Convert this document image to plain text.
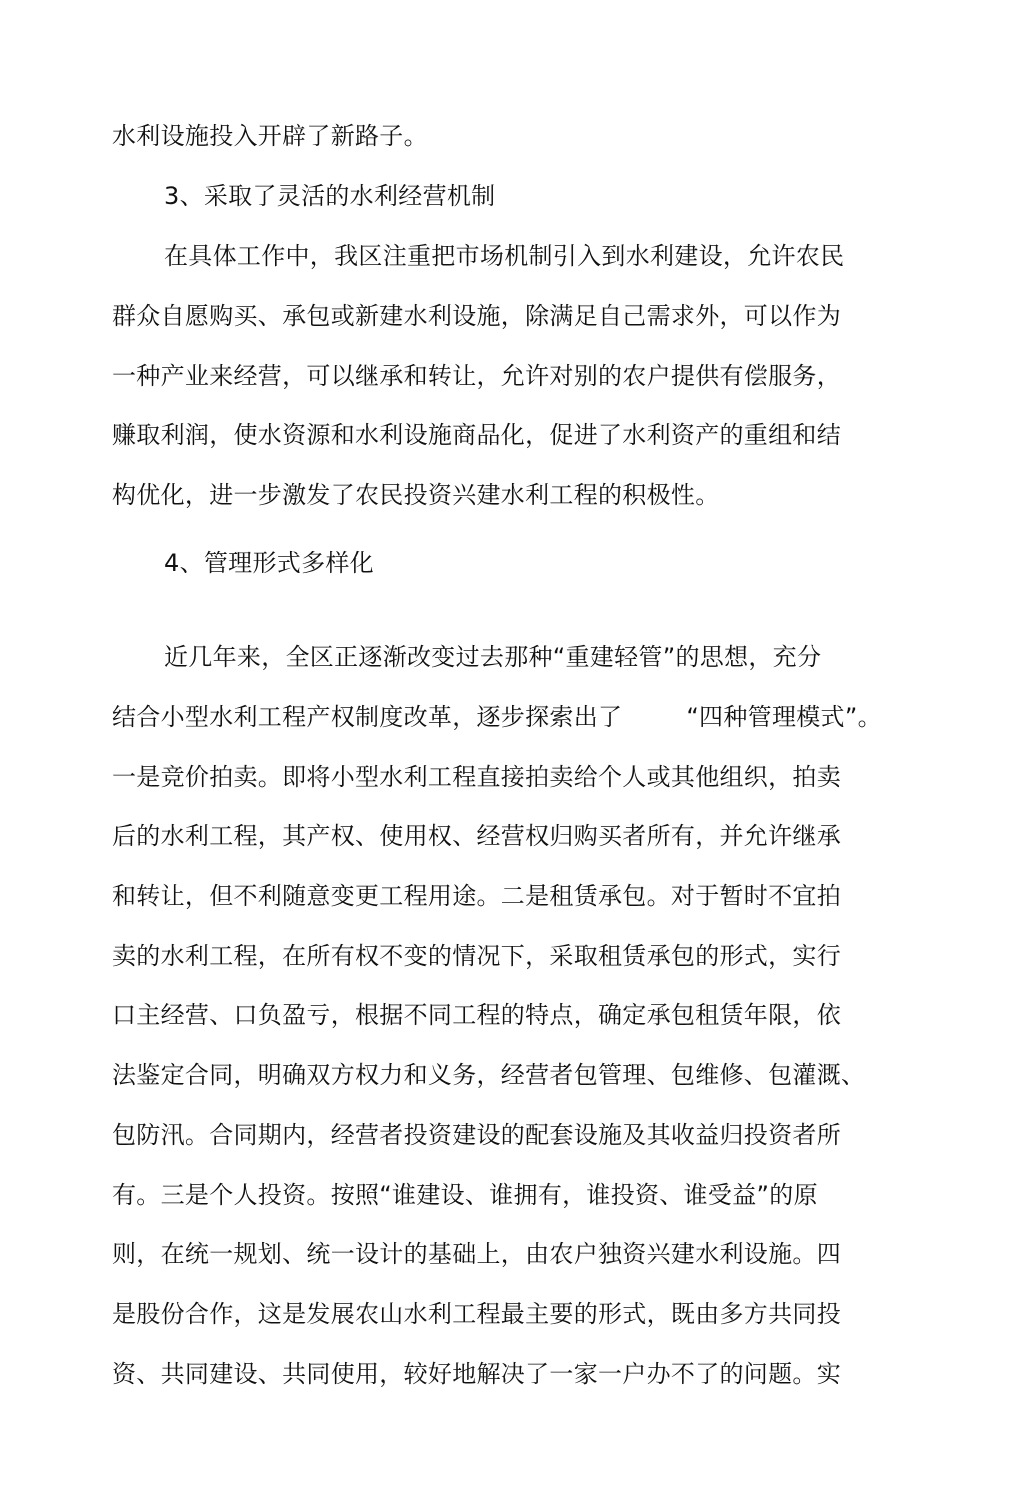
水利设施投入开辟了新路子。
3、采取了灵活的水利经营机制
在具体工作中，我区注重把市场机制引入到水利建设，允许农民
群众自愿购买、承包或新建水利设施，除满足自己需求外，可以作为
一种产业来经营，可以继承和转让，允许对别的农户提供有偿服务，
赚取利润，使水资源和水利设施商品化，促进了水利资产的重组和结
构优化，进一步激发了农民投资兴建水利工程的积极性。
4、管理形式多样化
近几年来，全区正逐渐改变过去那种“重建轻管”的思想，充分
结合小型水利工程产权制度改革，逐步探索出了	“四种管理模式”。
一是竞价拍卖。即将小型水利工程直接拍卖给个人或其他组织，拍卖
后的水利工程，其产权、使用权、经营权归购买者所有，并允许继承
和转让，但不利随意变更工程用途。二是租赁承包。对于暂时不宜拍
卖的水利工程，在所有权不变的情况下，采取租赁承包的形式，实行
口主经营、口负盈亏，根据不同工程的特点，确定承包租赁年限，依
法鉴定合同，明确双方权力和义务，经营者包管理、包维修、包灌溉、
包防汛。合同期内，经营者投资建设的配套设施及其收益归投资者所
有。三是个人投资。按照“谁建设、谁拥有，谁投资、谁受益”的原
则，在统一规划、统一设计的基础上，由农户独资兴建水利设施。四
是股份合作，这是发展农山水利工程最主要的形式，既由多方共同投
资、共同建设、共同使用，较好地解决了一家一户办不了的问题。实
